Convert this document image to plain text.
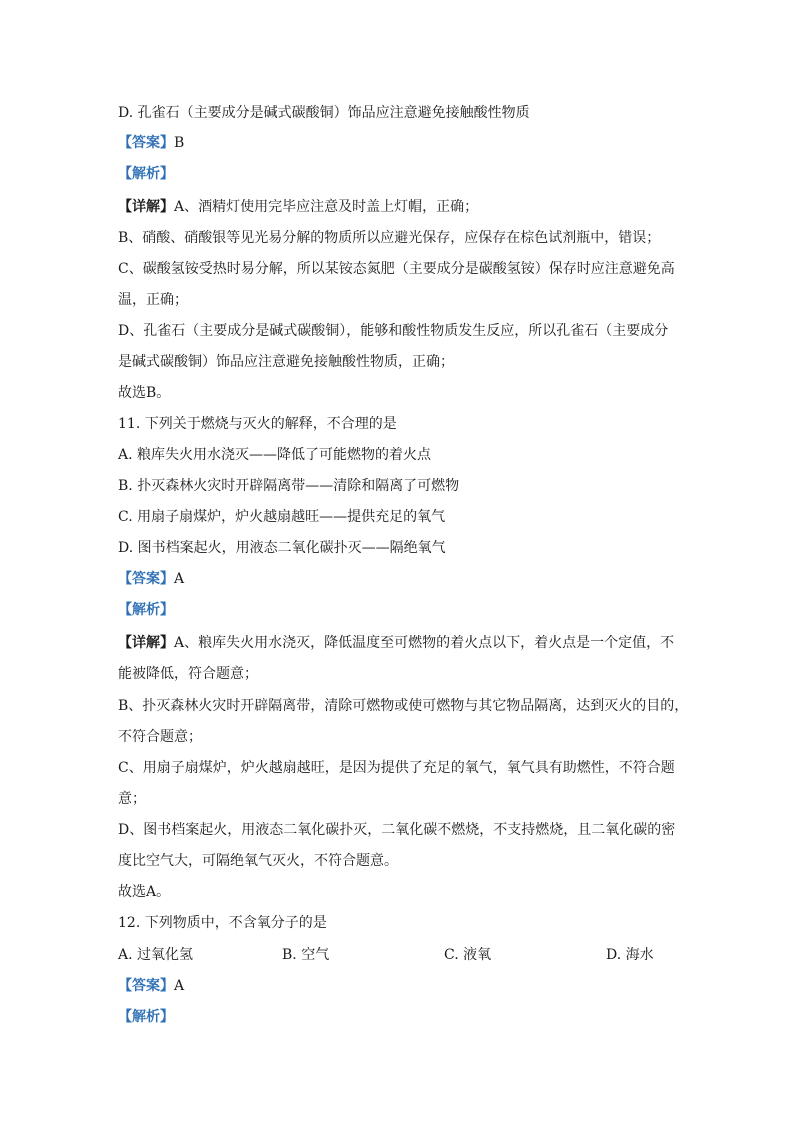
D. 孔雀石（主要成分是碱式碳酸铜）饰品应注意避免接触酸性物质
【答案】B
【解析】
【详解】A、酒精灯使用完毕应注意及时盖上灯帽，正确；
B、硝酸、硝酸银等见光易分解的物质所以应避光保存，应保存在棕色试剂瓶中，错误；
C、碳酸氢铵受热时易分解，所以某铵态氮肥（主要成分是碳酸氢铵）保存时应注意避免高
温，正确；
D、孔雀石（主要成分是碱式碳酸铜），能够和酸性物质发生反应，所以孔雀石（主要成分
是碱式碳酸铜）饰品应注意避免接触酸性物质，正确；
故选B。
11. 下列关于燃烧与灭火的解释，不合理的是
A. 粮库失火用水浇灭——降低了可能燃物的着火点
B. 扑灭森林火灾时开辟隔离带——清除和隔离了可燃物
C. 用扇子扇煤炉，炉火越扇越旺——提供充足的氧气
D. 图书档案起火，用液态二氧化碳扑灭——隔绝氧气
【答案】A
【解析】
【详解】A、粮库失火用水浇灭，降低温度至可燃物的着火点以下，着火点是一个定值，不
能被降低，符合题意；
B、扑灭森林火灾时开辟隔离带，清除可燃物或使可燃物与其它物品隔离，达到灭火的目的，
不符合题意；
C、用扇子扇煤炉，炉火越扇越旺，是因为提供了充足的氧气，氧气具有助燃性，不符合题
意；
D、图书档案起火，用液态二氧化碳扑灭，二氧化碳不燃烧，不支持燃烧，且二氧化碳的密
度比空气大，可隔绝氧气灭火，不符合题意。
故选A。
12. 下列物质中，不含氧分子的是
A. 过氧化氢	B. 空气	C. 液氧	D. 海水
【答案】A
【解析】
